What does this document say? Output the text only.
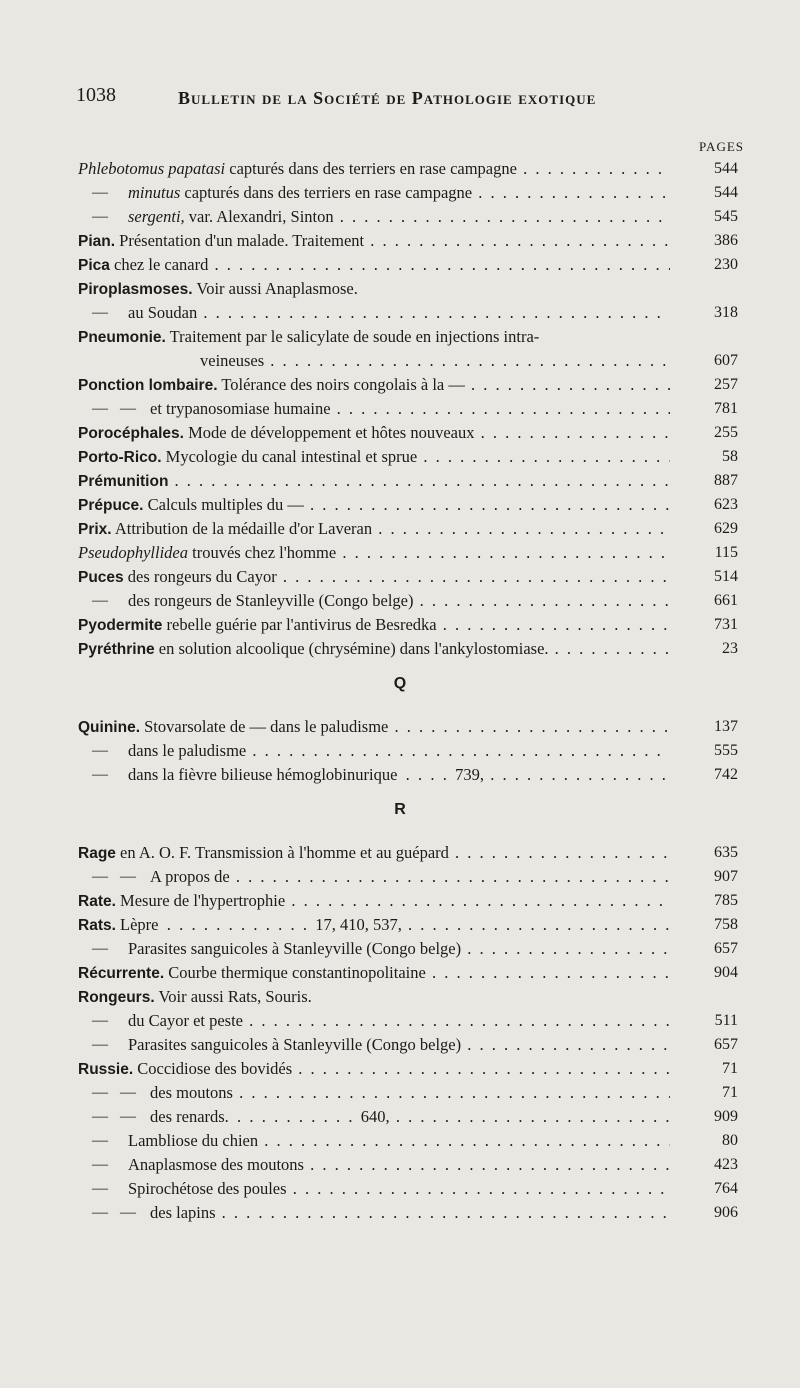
1038	Bulletin de la Société de Pathologie exotique
PAGES
Phlebotomus papatasi capturés dans des terriers en rase campagne . . .	544
— minutus capturés dans des terriers en rase campagne . . .	544
— sergenti, var. Alexandri, Sinton . . .	545
Pian. Présentation d'un malade. Traitement . . .	386
Pica chez le canard . . .	230
Piroplasmoses. Voir aussi Anaplasmose.
— au Soudan . . .	318
Pneumonie. Traitement par le salicylate de soude en injections intra-
veineuses . . .	607
Ponction lombaire. Tolérance des noirs congolais à la — . . .	257
—   — et trypanosomiase humaine . . .	781
Porocéphales. Mode de développement et hôtes nouveaux . . .	255
Porto-Rico. Mycologie du canal intestinal et sprue . . .	58
Prémunition . . .	887
Prépuce. Calculs multiples du — . . .	623
Prix. Attribution de la médaille d'or Laveran . . .	629
Pseudophyllidea trouvés chez l'homme . . .	115
Puces des rongeurs du Cayor . . .	514
— des rongeurs de Stanleyville (Congo belge) . . .	661
Pyodermite rebelle guérie par l'antivirus de Besredka . . .	731
Pyréthrine en solution alcoolique (chrysémine) dans l'ankylostomiase. . . .	23
Q
Quinine. Stovarsolate de — dans le paludisme . . .	137
— dans le paludisme . . .	555
— dans la fièvre bilieuse hémoglobinurique  .  .  .  .  739, . . .	742
R
Rage en A. O. F. Transmission à l'homme et au guépard . . .	635
—   — A propos de . . .	907
Rate. Mesure de l'hypertrophie . . .	785
Rats. Lèpre  .  .  .  .  .  .  .  .  .  .  .  .  17, 410, 537, . . .	758
— Parasites sanguicoles à Stanleyville (Congo belge) . . .	657
Récurrente. Courbe thermique constantinopolitaine . . .	904
Rongeurs. Voir aussi Rats, Souris.
— du Cayor et peste . . .	511
— Parasites sanguicoles à Stanleyville (Congo belge) . . .	657
Russie. Coccidiose des bovidés . . .	71
—   — des moutons . . .	71
—   — des renards.  .  .  .  .  .  .  .  .  .  .  640, . . .	909
— Lambliose du chien . . .	80
— Anaplasmose des moutons . . .	423
— Spirochétose des poules . . .	764
—   — des lapins . . .	906
